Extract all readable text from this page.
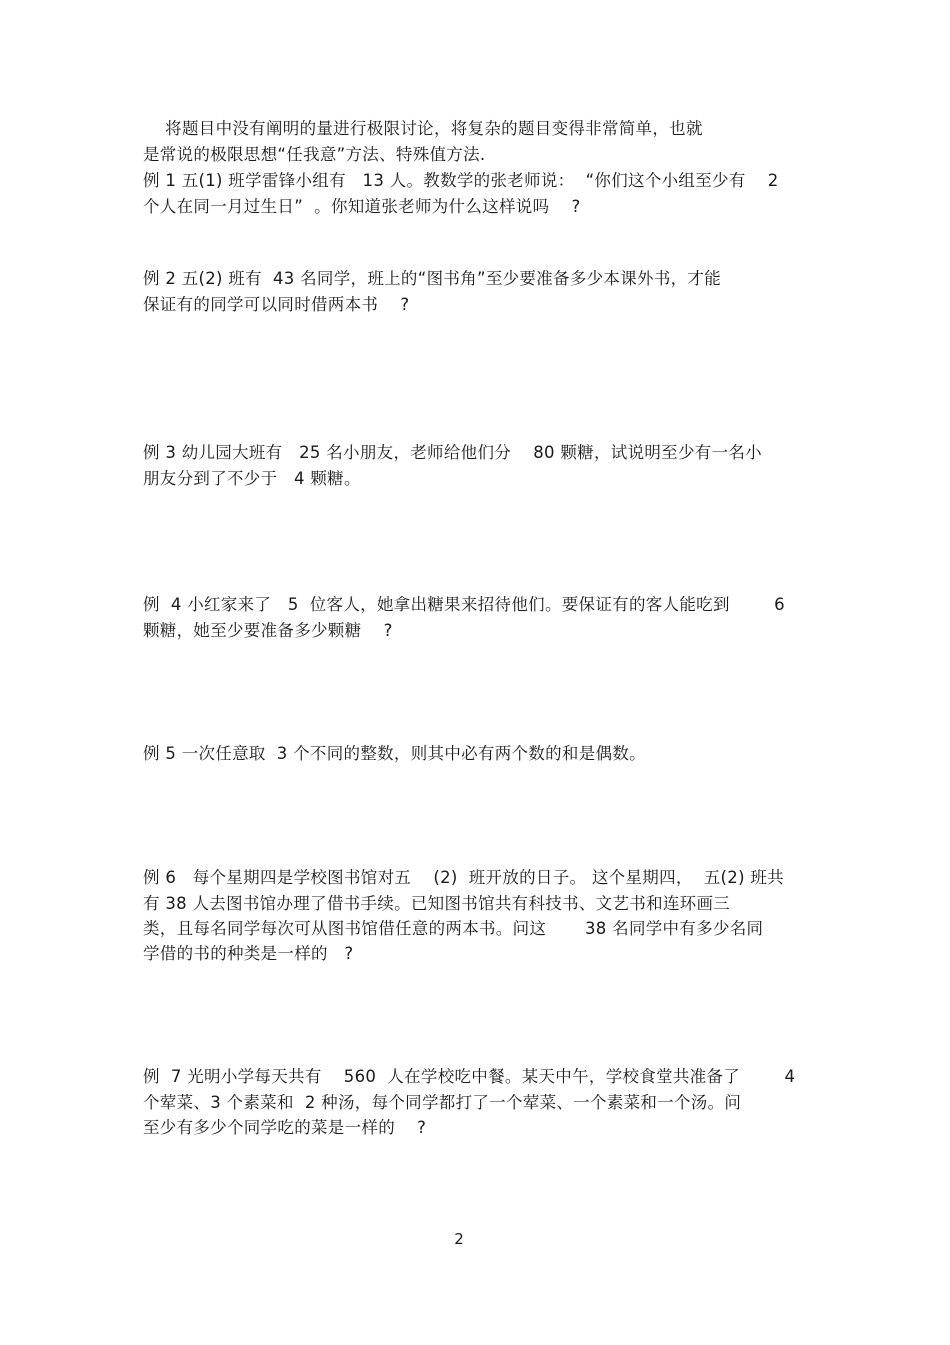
将题目中没有阐明的量进行极限讨论，将复杂的题目变得非常简单，也就
是常说的极限思想“任我意”方法、特殊值方法.
例 1 五(1) 班学雷锋小组有   13 人。教数学的张老师说：  “你们这个小组至少有    2
个人在同一月过生日”  。你知道张老师为什么这样说吗    ?
例 2 五(2) 班有  43 名同学，班上的“图书角”至少要准备多少本课外书，才能
保证有的同学可以同时借两本书    ?
例 3 幼儿园大班有   25 名小朋友，老师给他们分    80 颗糖，试说明至少有一名小
朋友分到了不少于   4 颗糖。
例  4 小红家来了   5  位客人，她拿出糖果来招待他们。要保证有的客人能吃到        6
颗糖，她至少要准备多少颗糖    ?
例 5 一次任意取  3 个不同的整数，则其中必有两个数的和是偶数。
例 6   每个星期四是学校图书馆对五    (2)  班开放的日子。 这个星期四，  五(2) 班共
有 38 人去图书馆办理了借书手续。已知图书馆共有科技书、文艺书和连环画三
类，且每名同学每次可从图书馆借任意的两本书。问这       38 名同学中有多少名同
学借的书的种类是一样的   ?
例  7 光明小学每天共有    560  人在学校吃中餐。某天中午，学校食堂共准备了        4
个荤菜、3 个素菜和  2 种汤，每个同学都打了一个荤菜、一个素菜和一个汤。问
至少有多少个同学吃的菜是一样的    ?
2
